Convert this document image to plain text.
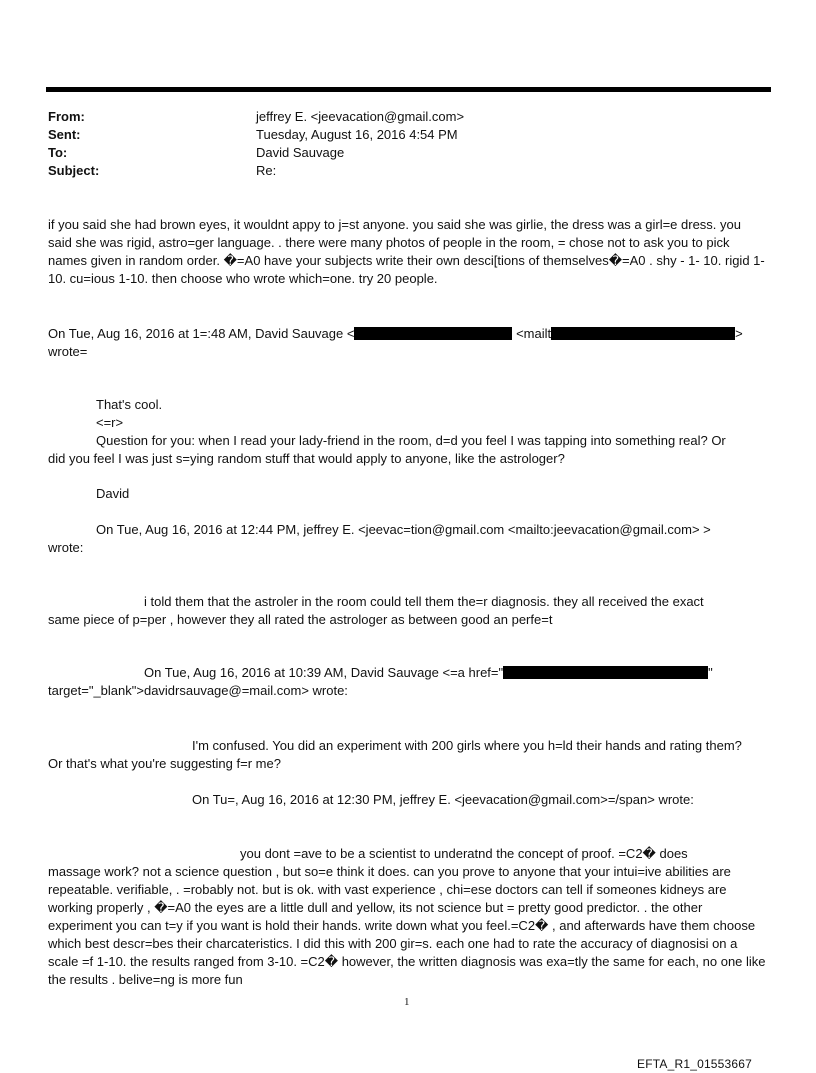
From:	jeffrey E. <jeevacation@gmail.com>
Sent:	Tuesday, August 16, 2016 4:54 PM
To:	David Sauvage
Subject:	Re:

if you said she had brown eyes, it wouldnt appy to j=st anyone. you said she was girlie, the dress was a girl=e dress. you said she was rigid, astro=ger language. . there were many photos of people in the room, = chose not to ask you to pick names given in random order. �=A0 have your subjects write their own desci[tions of themselves�=A0 . shy - 1- 10. rigid 1-10. cu=ious 1-10. then choose who wrote which=one. try 20 people.

On Tue, Aug 16, 2016 at 1=:48 AM, David Sauvage <	<mailt	>
wrote=

That's cool.

<=r>

Question for you: when I read your lady-friend in the room, d=d you feel I was tapping into something real? Or
did you feel I was just s=ying random stuff that would apply to anyone, like the astrologer?

David

On Tue, Aug 16, 2016 at 12:44 PM, jeffrey E. <jeevac=tion@gmail.com <mailto:jeevacation@gmail.com> >
wrote:

i told them that the astroler in the room could tell them the=r diagnosis. they all received the exact
same piece of p=per , however they all rated the astrologer as between good an perfe=t

On Tue, Aug 16, 2016 at 10:39 AM, David Sauvage <=a href="	"
target="_blank">davidrsauvage@=mail.com> wrote:

I'm confused. You did an experiment with 200 girls where you h=ld their hands and rating them?
Or that's what you're suggesting f=r me?

On Tu=, Aug 16, 2016 at 12:30 PM, jeffrey E. <jeevacation@gmail.com>=/span> wrote:

you dont =ave to be a scientist to underatnd the concept of proof. =C2� does
massage work? not a science question , but so=e think it does. can you prove to anyone that your intui=ive abilities are repeatable. verifiable, . =robably not. but is ok. with vast experience , chi=ese doctors can tell if someones kidneys are working properly , �=A0 the eyes are a little dull and yellow, its not science but = pretty good predictor. . the other experiment you can t=y if you want is hold their hands. write down what you feel.=C2� , and afterwards have them choose which best descr=bes their charcateristics. I did this with 200 gir=s. each one had to rate the accuracy of diagnosisi on a scale =f 1-10. the results ranged from 3-10. =C2� however, the written diagnosis was exa=tly the same for each, no one like the results . belive=ng is more fun

1
EFTA_R1_01553667
